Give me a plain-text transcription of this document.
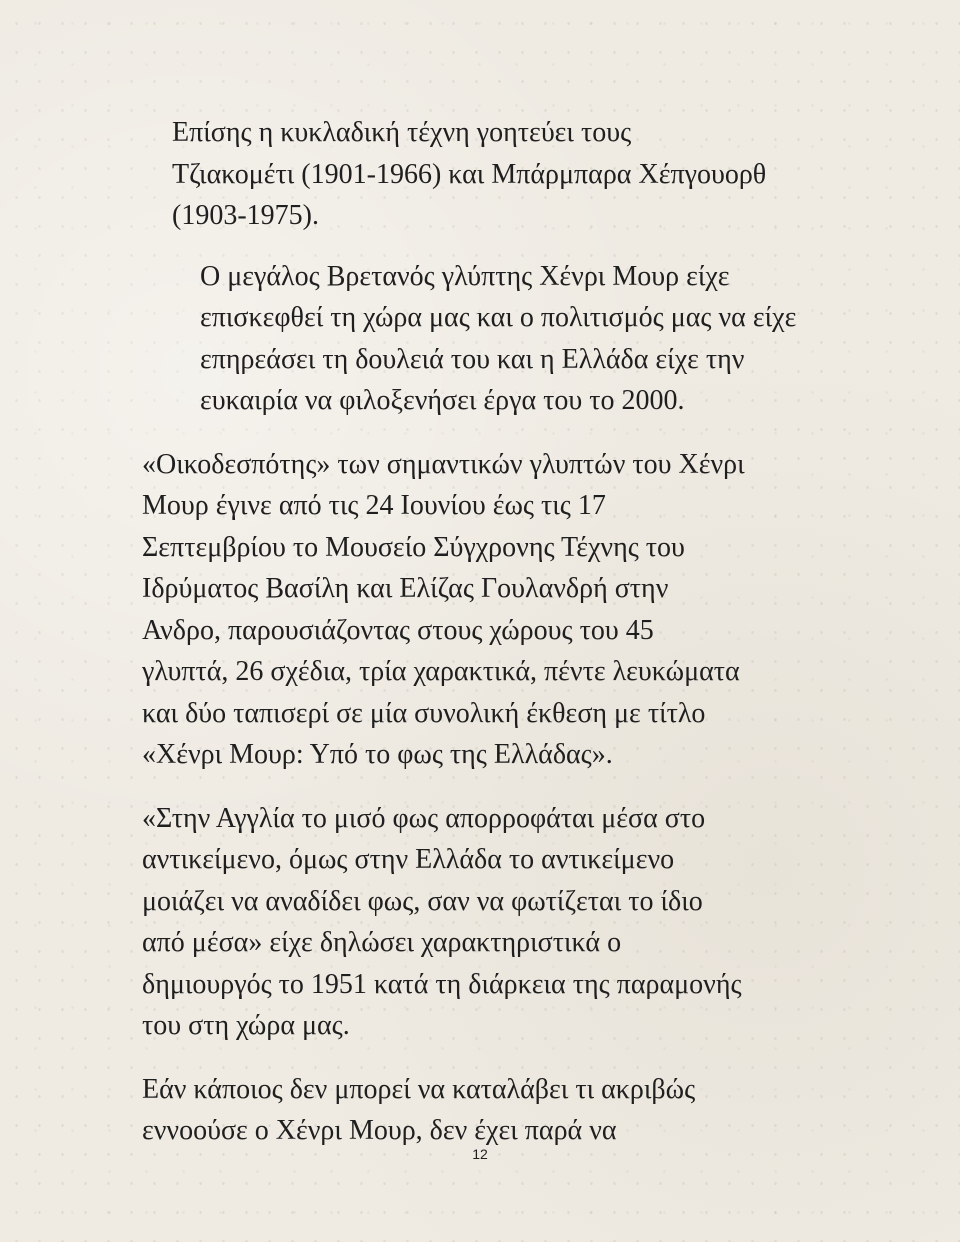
Επίσης η κυκλαδική τέχνη γοητεύει τους
Τζιακομέτι (1901-1966) και Μπάρμπαρα Χέπγουορθ
(1903-1975).

Ο μεγάλος Βρετανός γλύπτης Χένρι Μουρ είχε
επισκεφθεί τη χώρα μας και ο πολιτισμός μας να είχε
επηρεάσει τη δουλειά του και η Ελλάδα είχε την
ευκαιρία να φιλοξενήσει έργα του το 2000.

«Οικοδεσπότης» των σημαντικών γλυπτών του Χένρι
Μουρ έγινε από τις 24 Ιουνίου έως τις 17
Σεπτεμβρίου το Μουσείο Σύγχρονης Τέχνης του
Ιδρύματος Βασίλη και Ελίζας Γουλανδρή στην
Ανδρο, παρουσιάζοντας στους χώρους του 45
γλυπτά, 26 σχέδια, τρία χαρακτικά, πέντε λευκώματα
και δύο ταπισερί σε μία συνολική έκθεση με τίτλο
«Χένρι Μουρ: Υπό το φως της Ελλάδας».

«Στην Αγγλία το μισό φως απορροφάται μέσα στο
αντικείμενο, όμως στην Ελλάδα το αντικείμενο
μοιάζει να αναδίδει φως, σαν να φωτίζεται το ίδιο
από μέσα» είχε δηλώσει χαρακτηριστικά ο
δημιουργός το 1951 κατά τη διάρκεια της παραμονής
του στη χώρα μας.

Εάν κάποιος δεν μπορεί να καταλάβει τι ακριβώς
εννοούσε ο Χένρι Μουρ, δεν έχει παρά να

12
